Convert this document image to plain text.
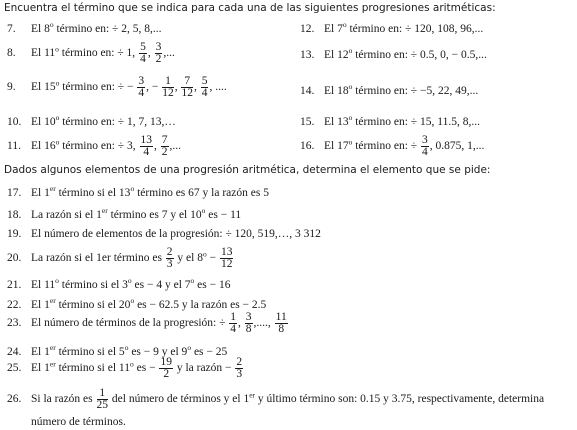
Encuentra el término que se indica para cada una de las siguientes progresiones aritméticas:
7. El 8$^o$ término en: ÷ 2, 5, 8,...
8. El 11$^o$ término en: ÷ 1, $\frac{5}{4}$ , $\frac{3}{2}$ ,...
9. El 15$^o$ término en: ÷ − $\frac{3}{4}$ , − $\frac{1}{12}$ , $\frac{7}{12}$ , $\frac{5}{4}$ , ....
10. El 10$^o$ término en: ÷ 1, 7, 13,…
11. El 16$^o$ término en: ÷ 3, $\frac{13}{4}$ , $\frac{7}{2}$ ,...
12. El 7$^o$ término en: ÷ 120, 108, 96,...
13. El 12$^o$ término en: ÷ 0.5, 0, − 0.5,...
14. El 18$^o$ término en: ÷ −5, 22, 49,...
15. El 13$^o$ término en: ÷ 15, 11.5, 8,...
16. El 17$^o$ término en: ÷ $\frac{3}{4}$ , 0.875, 1,...
Dados algunos elementos de una progresión aritmética, determina el elemento que se pide:
17. El 1er término si el 13$^o$ término es 67 y la razón es 5
18. La razón si el 1er término es 7 y el 10$^o$ es − 11
19. El número de elementos de la progresión: ÷ 120, 519,…, 3 312
20. La razón si el 1er término es $\frac{2}{3}$ y el $8^o - \frac{13}{12}$
21. El 11$^o$ término si el 3$^o$ es − 4 y el 7$^o$ es − 16
22. El 1er término si el 20$^o$ es − 62.5 y la razón es − 2.5
23. El número de términos de la progresión: ÷ $\frac{1}{4}$ , $\frac{3}{8}$ ,...., $\frac{11}{8}$
24. El 1er término si el 5$^o$ es − 9 y el 9$^o$ es − 25
25. El 1er término si el 11$^o$ es − $\frac{19}{2}$ y la razón − $\frac{2}{3}$
26. Si la razón es $\frac{1}{25}$ del número de términos y el 1er y último término son: 0.15 y 3.75, respectivamente, determina
número de términos.
